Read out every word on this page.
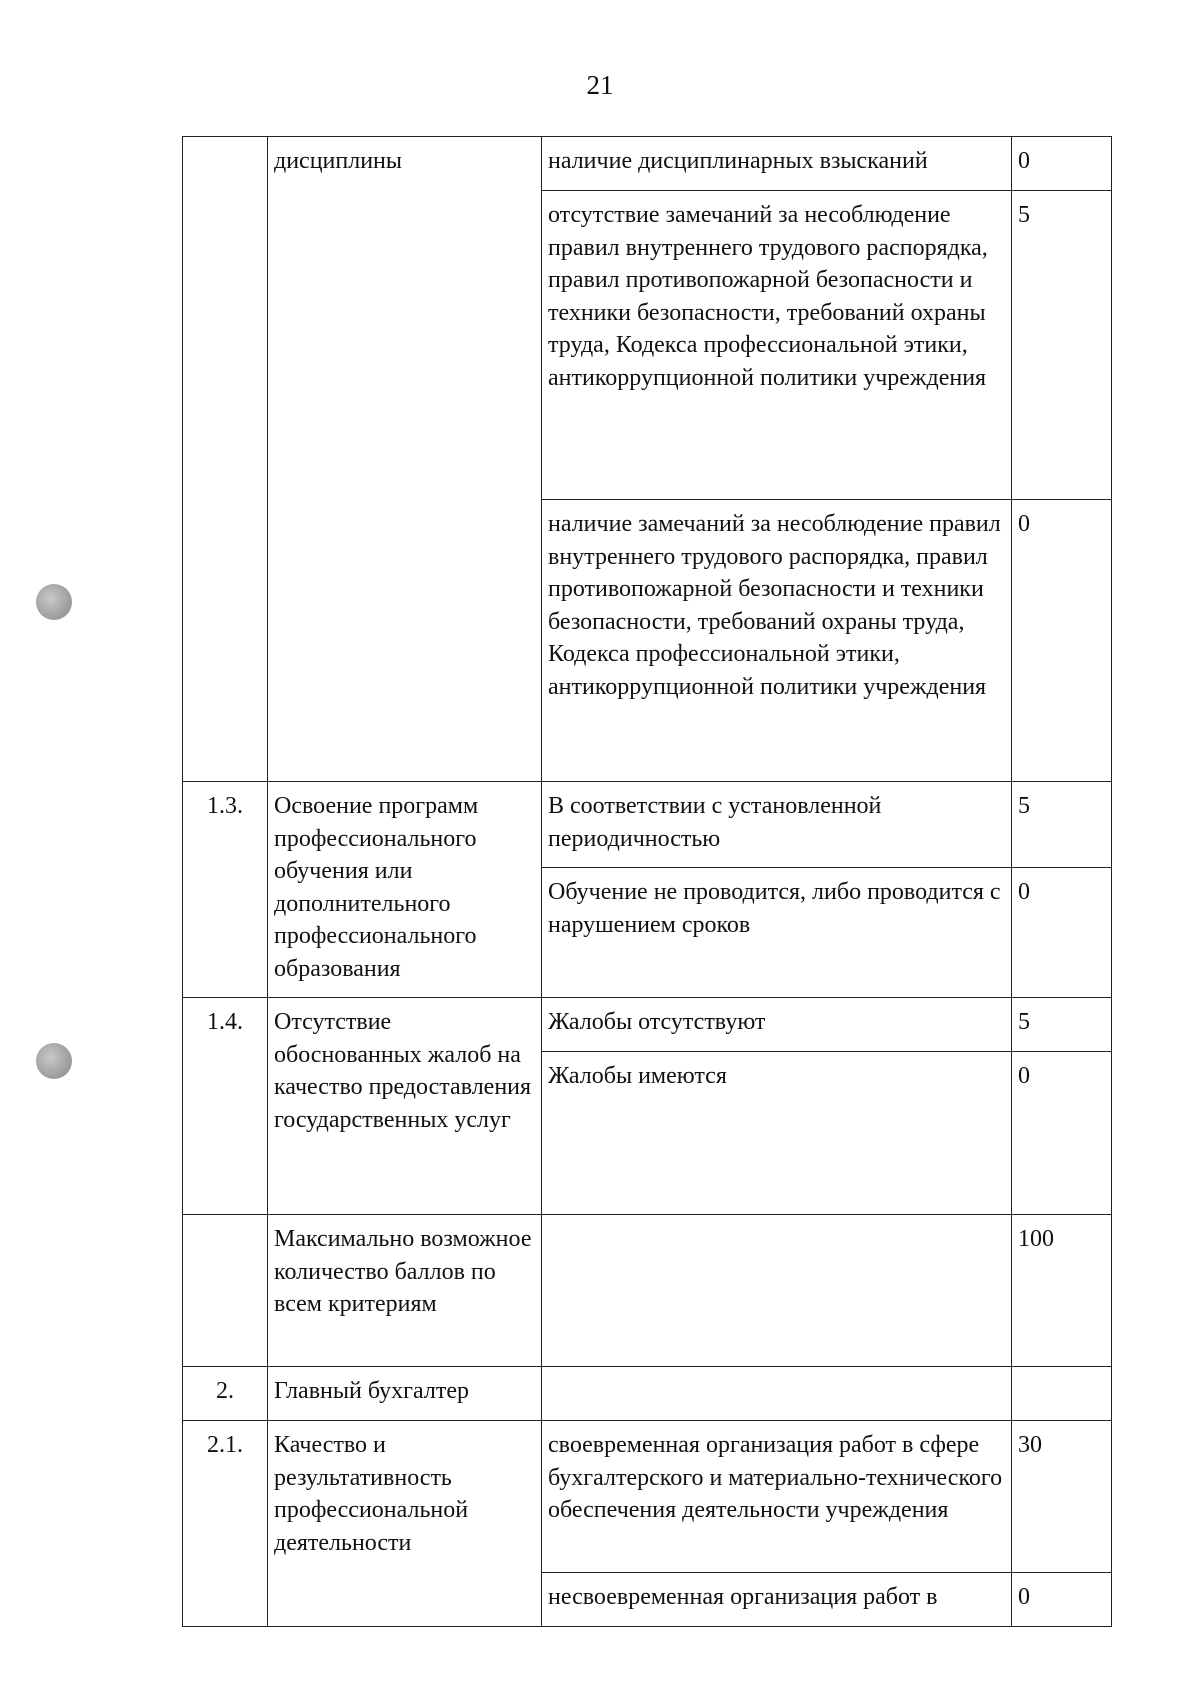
21
	дисциплины	наличие дисциплинарных взысканий	0
		отсутствие замечаний за несоблюдение правил внутреннего трудового распорядка, правил противопожарной безопасности и техники безопасности, требований охраны труда, Кодекса профессиональной этики, антикоррупционной политики учреждения	5
		наличие замечаний за несоблюдение правил внутреннего трудового распорядка, правил противопожарной безопасности и техники безопасности, требований охраны труда, Кодекса профессиональной этики, антикоррупционной политики учреждения	0
1.3.	Освоение программ профессионального обучения или дополнительного профессионального образования	В соответствии с установленной периодичностью	5
		Обучение не проводится, либо проводится с нарушением сроков	0
1.4.	Отсутствие обоснованных жалоб на качество предоставления государственных услуг	Жалобы отсутствуют	5
		Жалобы имеются	0
	Максимально возможное количество баллов по всем критериям		100
2.	Главный бухгалтер		
2.1.	Качество и результативность профессиональной деятельности	своевременная организация работ в сфере бухгалтерского и материально-технического обеспечения деятельности учреждения	30
		несвоевременная организация работ в	0
